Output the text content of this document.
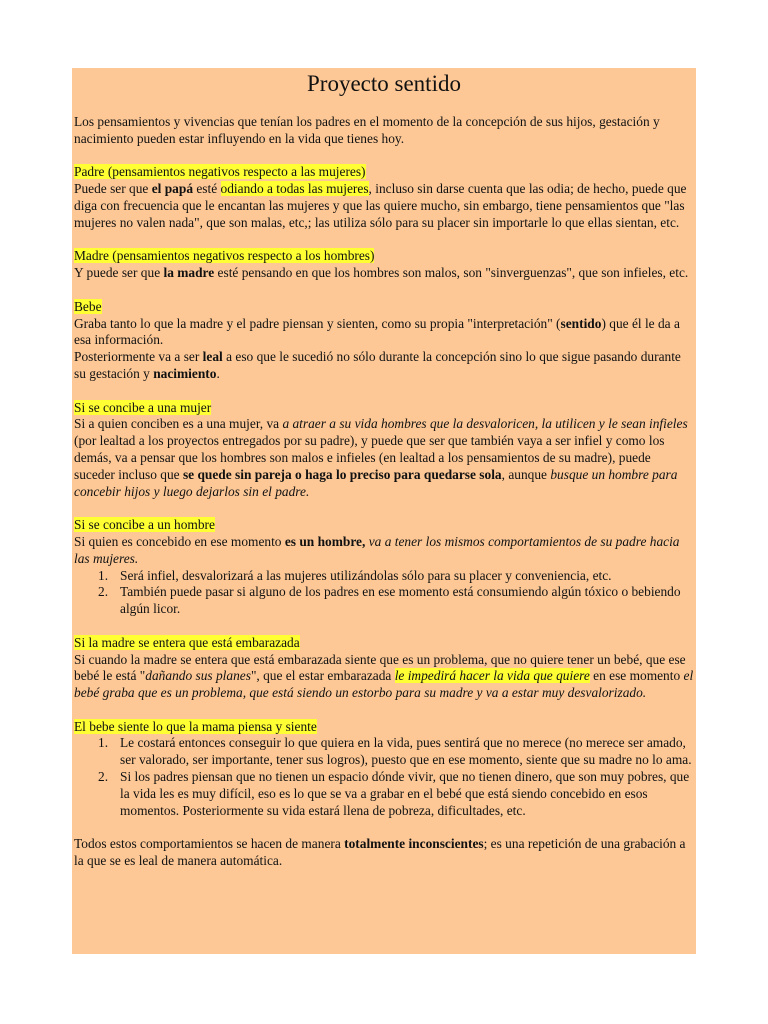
Proyecto sentido

Los pensamientos y vivencias que tenían los padres en el momento de la concepción de sus hijos, gestación y nacimiento pueden estar influyendo en la vida que tienes hoy.

Padre (pensamientos negativos respecto a las mujeres)
Puede ser que el papá esté odiando a todas las mujeres, incluso sin darse cuenta que las odia; de hecho, puede que diga con frecuencia que le encantan las mujeres y que las quiere mucho, sin embargo, tiene pensamientos que "las mujeres no valen nada", que son malas, etc,; las utiliza sólo para su placer sin importarle lo que ellas sientan, etc.

Madre (pensamientos negativos respecto a los hombres)
Y puede ser que la madre esté pensando en que los hombres son malos, son "sinverguenzas", que son infieles, etc.

Bebe
Graba tanto lo que la madre y el padre piensan y sienten, como su propia "interpretación" (sentido) que él le da a esa información.
Posteriormente va a ser leal a eso que le sucedió no sólo durante la concepción sino lo que sigue pasando durante su gestación y nacimiento.

Si se concibe a una mujer
Si a quien conciben es a una mujer, va a atraer a su vida hombres que la desvaloricen, la utilicen y le sean infieles (por lealtad a los proyectos entregados por su padre), y puede que ser que también vaya a ser infiel y como los demás, va a pensar que los hombres son malos e infieles (en lealtad a los pensamientos de su madre), puede suceder incluso que se quede sin pareja o haga lo preciso para quedarse sola, aunque busque un hombre para concebir hijos y luego dejarlos sin el padre.

Si se concibe a un hombre
Si quien es concebido en ese momento es un hombre, va a tener los mismos comportamientos de su padre hacia las mujeres.

1. Será infiel, desvalorizará a las mujeres utilizándolas sólo para su placer y conveniencia, etc.
2. También puede pasar si alguno de los padres en ese momento está consumiendo algún tóxico o bebiendo algún licor.

Si la madre se entera que está embarazada
Si cuando la madre se entera que está embarazada siente que es un problema, que no quiere tener un bebé, que ese bebé le está "dañando sus planes", que el estar embarazada le impedirá hacer la vida que quiere en ese momento el bebé graba que es un problema, que está siendo un estorbo para su madre y va a estar muy desvalorizado.

El bebe siente lo que la mama piensa y siente

1. Le costará entonces conseguir lo que quiera en la vida, pues sentirá que no merece (no merece ser amado, ser valorado, ser importante, tener sus logros), puesto que en ese momento, siente que su madre no lo ama.
2. Si los padres piensan que no tienen un espacio dónde vivir, que no tienen dinero, que son muy pobres, que la vida les es muy difícil, eso es lo que se va a grabar en el bebé que está siendo concebido en esos momentos. Posteriormente su vida estará llena de pobreza, dificultades, etc.

Todos estos comportamientos se hacen de manera totalmente inconscientes; es una repetición de una grabación a la que se es leal de manera automática.
